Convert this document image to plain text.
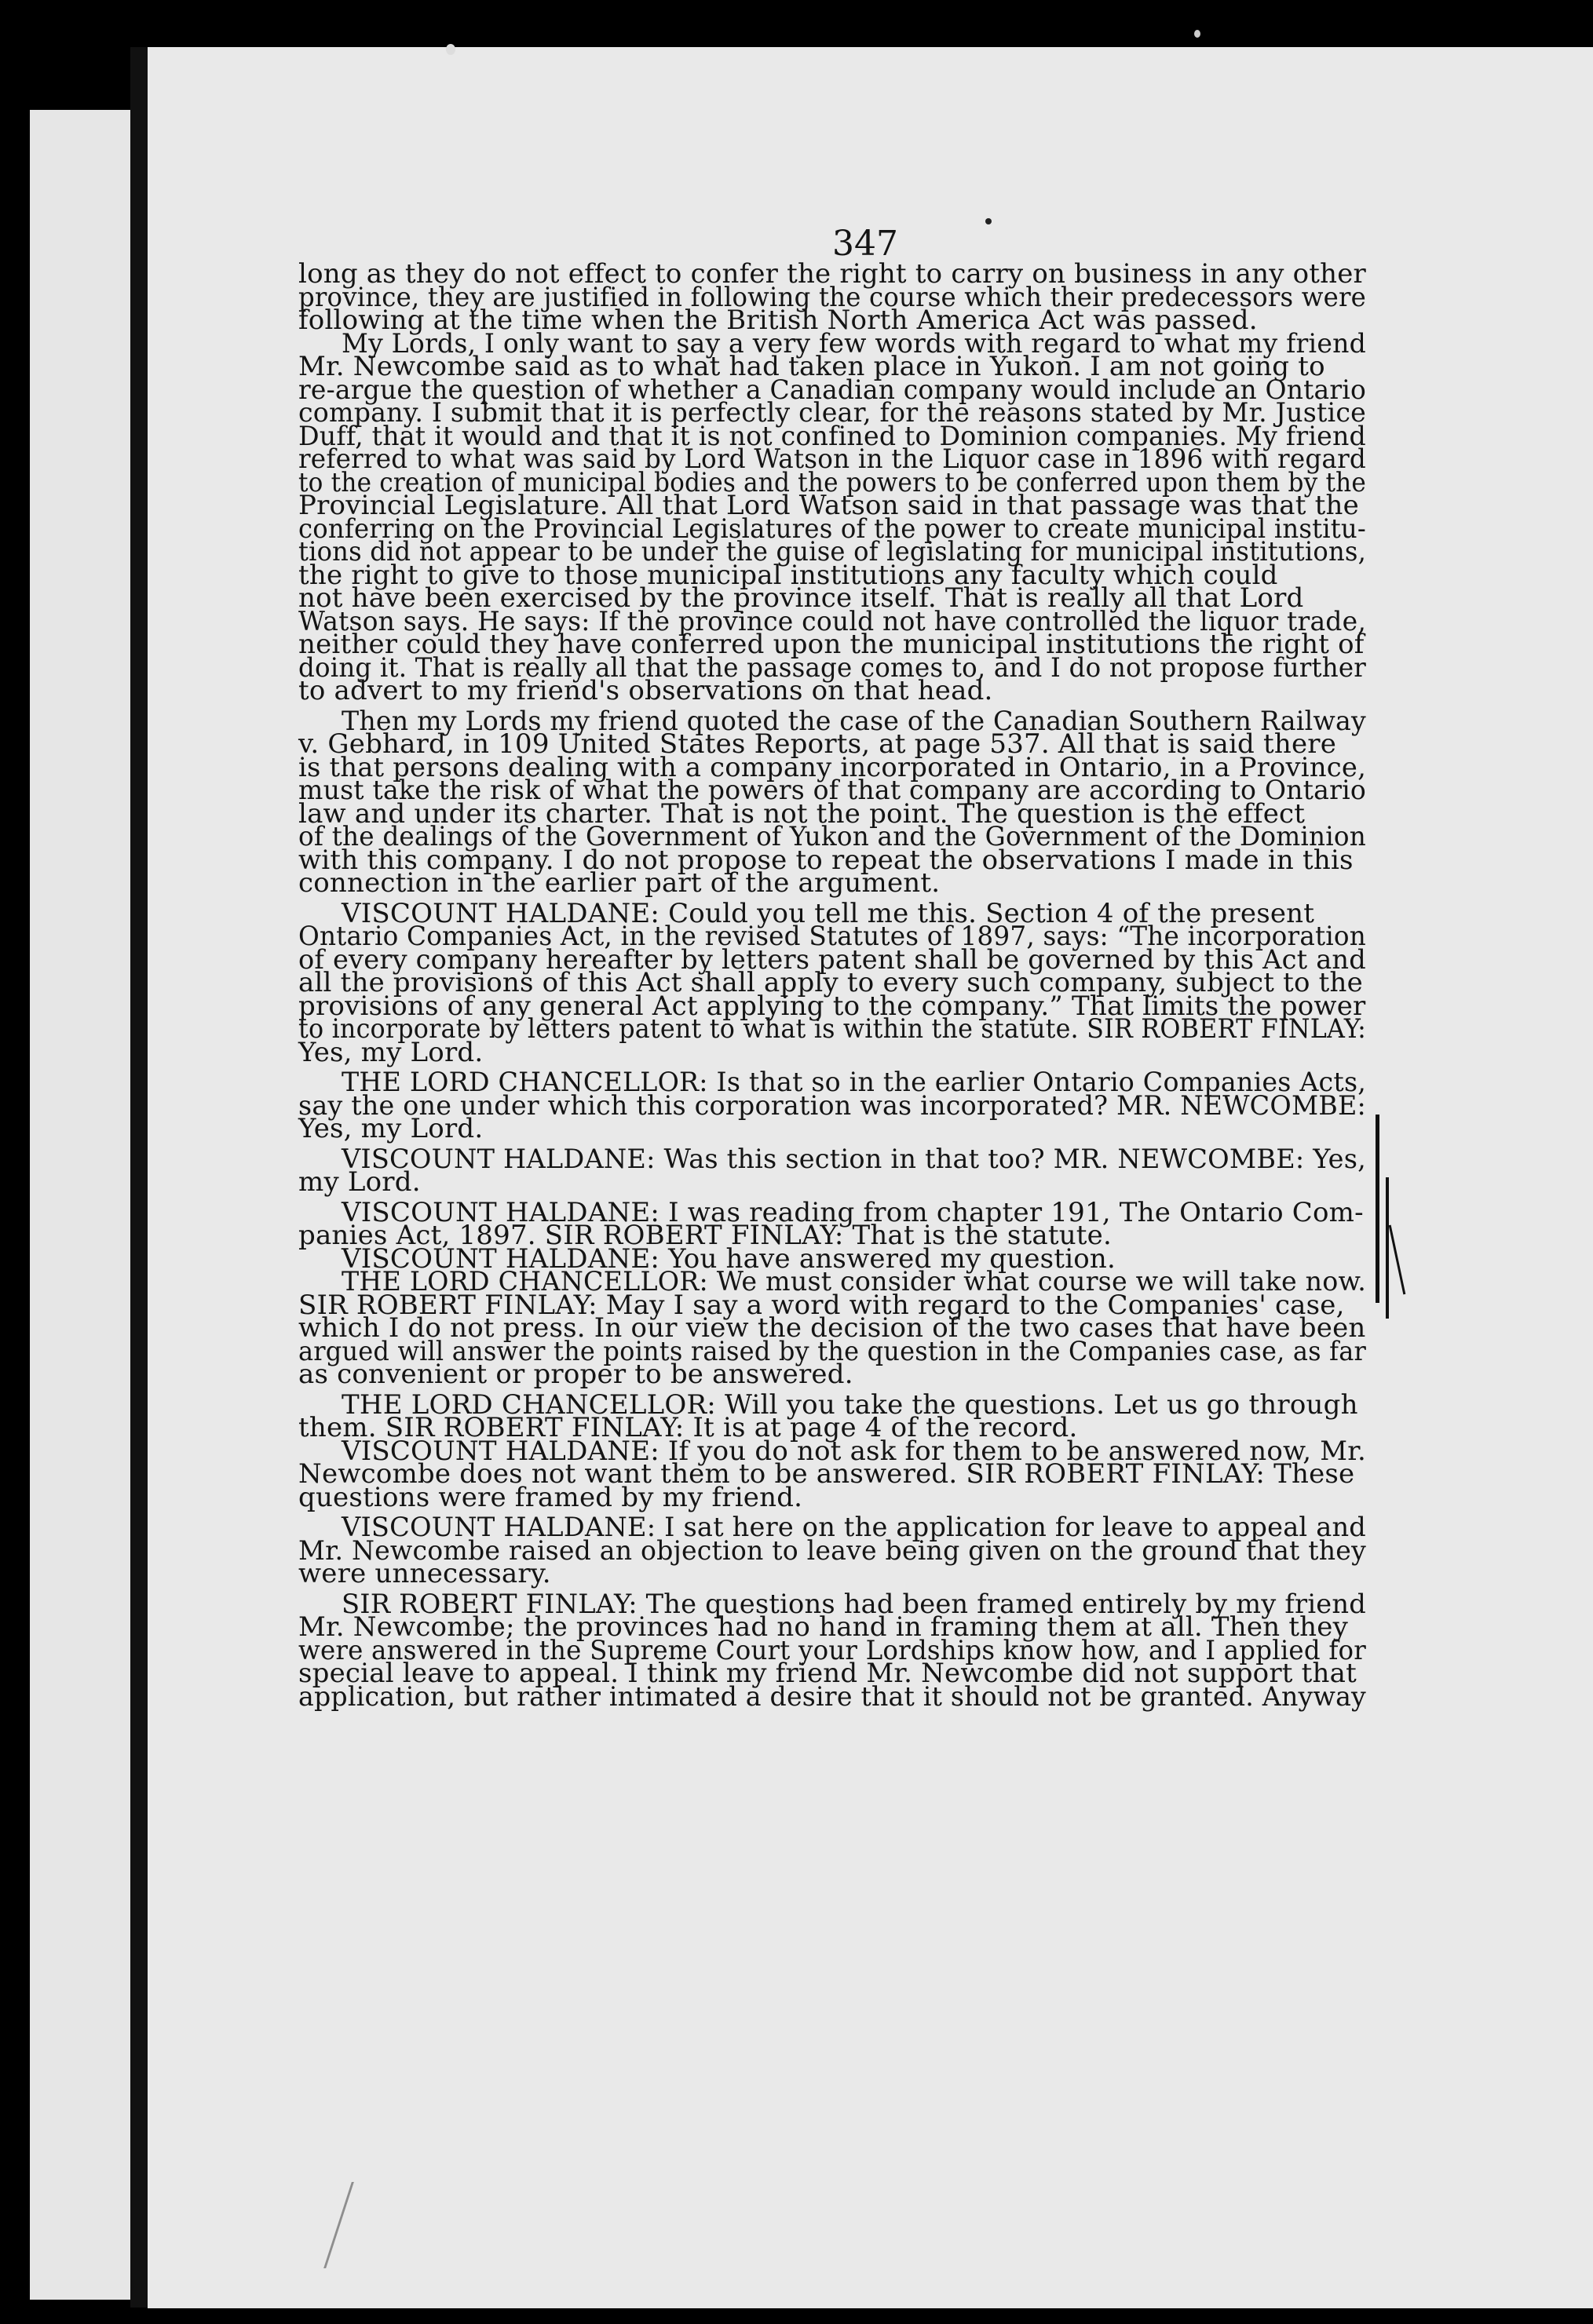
347
long as they do not effect to confer the right to carry on business in any other
province, they are justified in following the course which their predecessors were
following at the time when the British North America Act was passed.
My Lords, I only want to say a very few words with regard to what my friend
Mr. Newcombe said as to what had taken place in Yukon. I am not going to
re-argue the question of whether a Canadian company would include an Ontario
company. I submit that it is perfectly clear, for the reasons stated by Mr. Justice
Duff, that it would and that it is not confined to Dominion companies. My friend
referred to what was said by Lord Watson in the Liquor case in 1896 with regard
to the creation of municipal bodies and the powers to be conferred upon them by the
Provincial Legislature. All that Lord Watson said in that passage was that the
conferring on the Provincial Legislatures of the power to create municipal institu-
tions did not appear to be under the guise of legislating for municipal institutions,
the right to give to those municipal institutions any faculty which could
not have been exercised by the province itself. That is really all that Lord
Watson says. He says: If the province could not have controlled the liquor trade,
neither could they have conferred upon the municipal institutions the right of
doing it. That is really all that the passage comes to, and I do not propose further
to advert to my friend's observations on that head.
Then my Lords my friend quoted the case of the Canadian Southern Railway
v. Gebhard, in 109 United States Reports, at page 537. All that is said there
is that persons dealing with a company incorporated in Ontario, in a Province,
must take the risk of what the powers of that company are according to Ontario
law and under its charter. That is not the point. The question is the effect
of the dealings of the Government of Yukon and the Government of the Dominion
with this company. I do not propose to repeat the observations I made in this
connection in the earlier part of the argument.
VISCOUNT HALDANE: Could you tell me this. Section 4 of the present
Ontario Companies Act, in the revised Statutes of 1897, says: “The incorporation
of every company hereafter by letters patent shall be governed by this Act and
all the provisions of this Act shall apply to every such company, subject to the
provisions of any general Act applying to the company.” That limits the power
to incorporate by letters patent to what is within the statute. SIR ROBERT FINLAY:
Yes, my Lord.
THE LORD CHANCELLOR: Is that so in the earlier Ontario Companies Acts,
say the one under which this corporation was incorporated? MR. NEWCOMBE:
Yes, my Lord.
VISCOUNT HALDANE: Was this section in that too? MR. NEWCOMBE: Yes,
my Lord.
VISCOUNT HALDANE: I was reading from chapter 191, The Ontario Com-
panies Act, 1897. SIR ROBERT FINLAY: That is the statute.
VISCOUNT HALDANE: You have answered my question.
THE LORD CHANCELLOR: We must consider what course we will take now.
SIR ROBERT FINLAY: May I say a word with regard to the Companies' case,
which I do not press. In our view the decision of the two cases that have been
argued will answer the points raised by the question in the Companies case, as far
as convenient or proper to be answered.
THE LORD CHANCELLOR: Will you take the questions. Let us go through
them. SIR ROBERT FINLAY: It is at page 4 of the record.
VISCOUNT HALDANE: If you do not ask for them to be answered now, Mr.
Newcombe does not want them to be answered. SIR ROBERT FINLAY: These
questions were framed by my friend.
VISCOUNT HALDANE: I sat here on the application for leave to appeal and
Mr. Newcombe raised an objection to leave being given on the ground that they
were unnecessary.
SIR ROBERT FINLAY: The questions had been framed entirely by my friend
Mr. Newcombe; the provinces had no hand in framing them at all. Then they
were answered in the Supreme Court your Lordships know how, and I applied for
special leave to appeal. I think my friend Mr. Newcombe did not support that
application, but rather intimated a desire that it should not be granted. Anyway
